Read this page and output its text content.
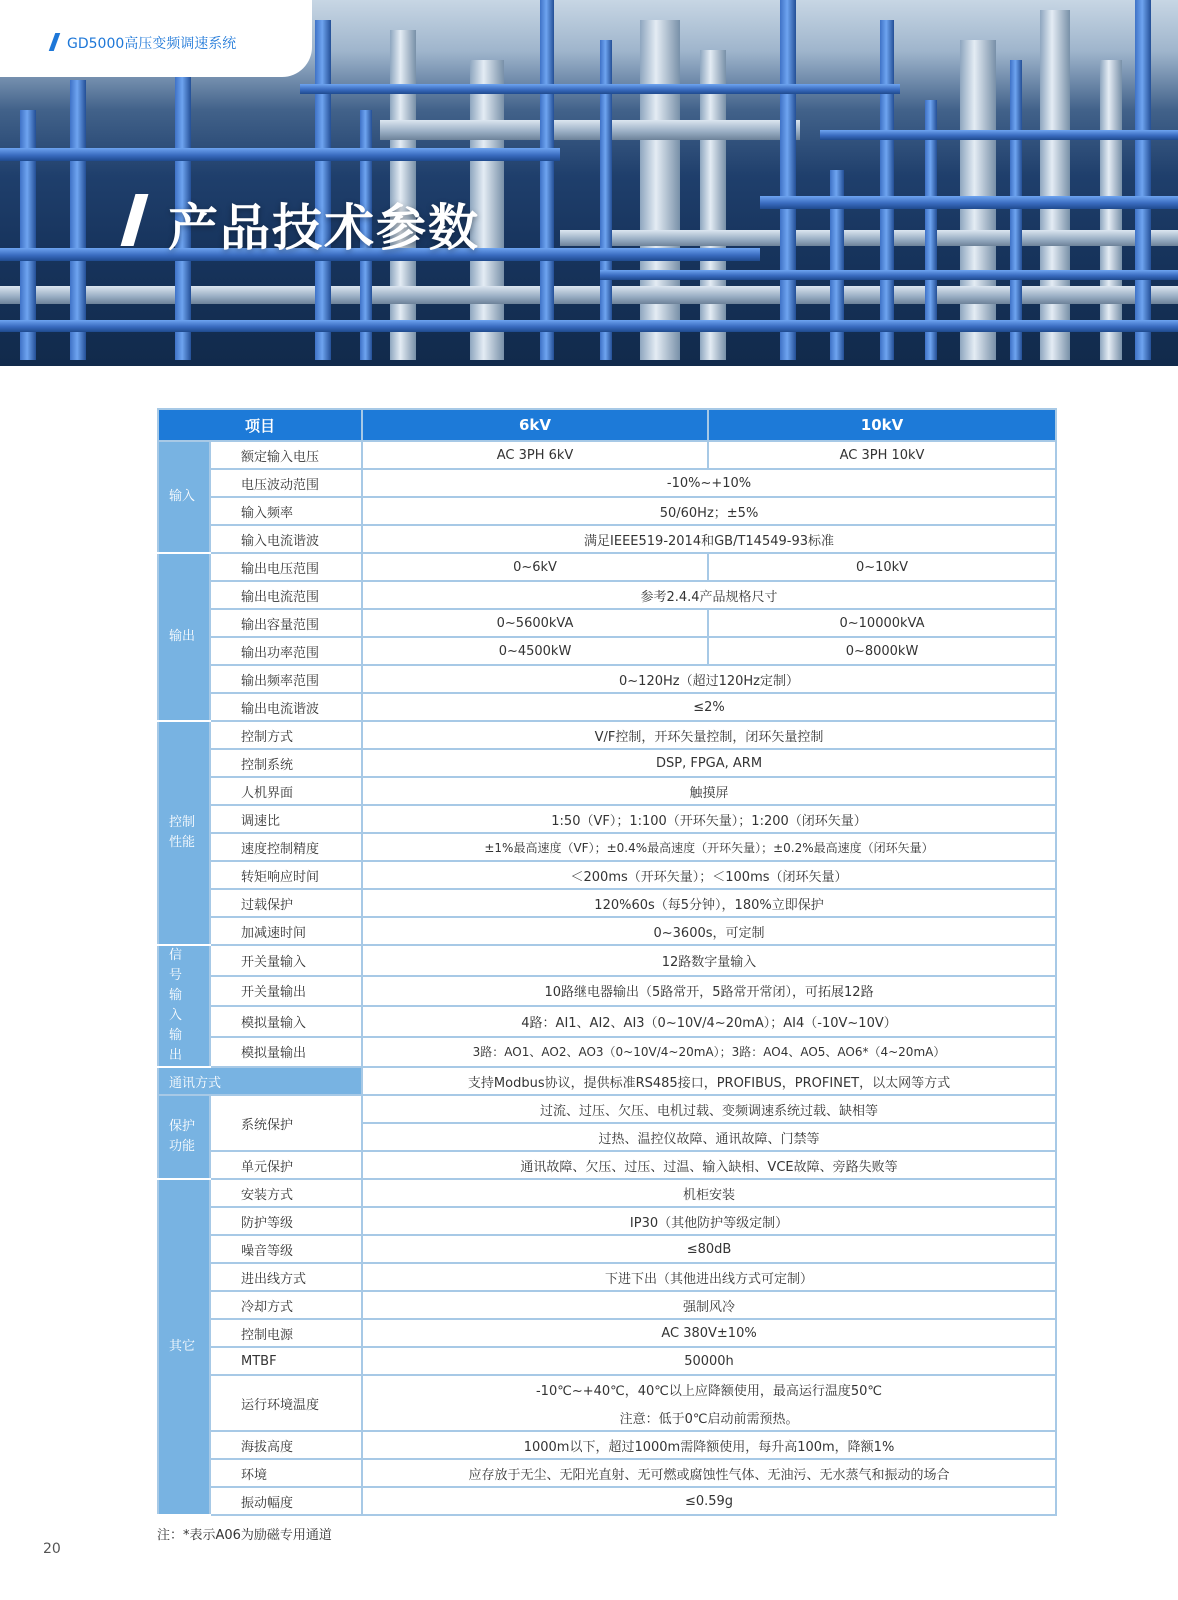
GD5000高压变频调速系统
产品技术参数
项目		6kV	10kV
输入	额定输入电压	AC 3PH 6kV	AC 3PH 10kV
	电压波动范围	-10%~+10%	
	输入频率	50/60Hz；±5%	
	输入电流谐波	满足IEEE519-2014和GB/T14549-93标准	
输出	输出电压范围	0~6kV	0~10kV
	输出电流范围	参考2.4.4产品规格尺寸	
	输出容量范围	0~5600kVA	0~10000kVA
	输出功率范围	0~4500kW	0~8000kW
	输出频率范围	0~120Hz（超过120Hz定制）	
	输出电流谐波	≤2%	
控制性能	控制方式	V/F控制，开环矢量控制，闭环矢量控制	
	控制系统	DSP, FPGA, ARM	
	人机界面	触摸屏	
	调速比	1:50（VF）；1:100（开环矢量）；1:200（闭环矢量）	
	速度控制精度	±1%最高速度（VF）；±0.4%最高速度（开环矢量）；±0.2%最高速度（闭环矢量）	
	转矩响应时间	＜200ms（开环矢量）；＜100ms（闭环矢量）	
	过载保护	120%60s（每5分钟），180%立即保护	
	加减速时间	0~3600s，可定制	
信号输入输出	开关量输入	12路数字量输入	
	开关量输出	10路继电器输出（5路常开，5路常开常闭），可拓展12路	
	模拟量输入	4路：AI1、AI2、AI3（0~10V/4~20mA）；AI4（-10V~10V）	
	模拟量输出	3路：AO1、AO2、AO3（0~10V/4~20mA）；3路：AO4、AO5、AO6*（4~20mA）	
通讯方式		支持Modbus协议，提供标准RS485接口，PROFIBUS，PROFINET，以太网等方式	
保护功能	系统保护	过流、过压、欠压、电机过载、变频调速系统过载、缺相等	
		过热、温控仪故障、通讯故障、门禁等	
	单元保护	通讯故障、欠压、过压、过温、输入缺相、VCE故障、旁路失败等	
其它	安装方式	机柜安装	
	防护等级	IP30（其他防护等级定制）	
	噪音等级	≤80dB	
	进出线方式	下进下出（其他进出线方式可定制）	
	冷却方式	强制风冷	
	控制电源	AC 380V±10%	
	MTBF	50000h	
	运行环境温度	-10℃~+40℃，40℃以上应降额使用，最高运行温度50℃	
		注意：低于0℃启动前需预热。	
	海拔高度	1000m以下，超过1000m需降额使用，每升高100m，降额1%	
	环境	应存放于无尘、无阳光直射、无可燃或腐蚀性气体、无油污、无水蒸气和振动的场合	
	振动幅度	≤0.59g	
注：*表示A06为励磁专用通道
20
